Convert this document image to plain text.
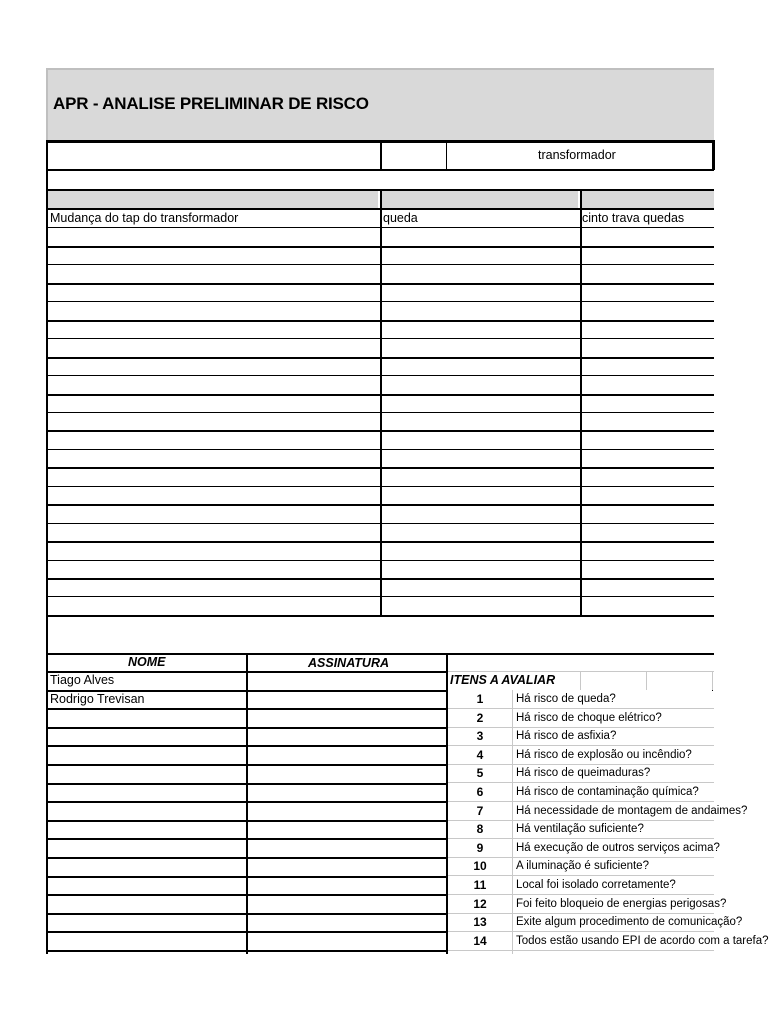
APR - ANALISE PRELIMINAR DE RISCO
transformador
Mudança do tap do transformador	queda	cinto trava quedas
NOME	ASSINATURA
Tiago Alves
Rodrigo Trevisan
ITENS A AVALIAR
1	Há risco de queda?
2	Há risco de choque elétrico?
3	Há risco de asfixia?
4	Há risco de explosão ou incêndio?
5	Há risco de queimaduras?
6	Há risco de contaminação química?
7	Há necessidade de montagem de andaimes?
8	Há ventilação suficiente?
9	Há execução de outros serviços acima?
10	A iluminação é suficiente?
11	Local foi isolado corretamente?
12	Foi feito bloqueio de energias perigosas?
13	Exite algum procedimento de comunicação?
14	Todos estão usando EPI de acordo com a tarefa?
